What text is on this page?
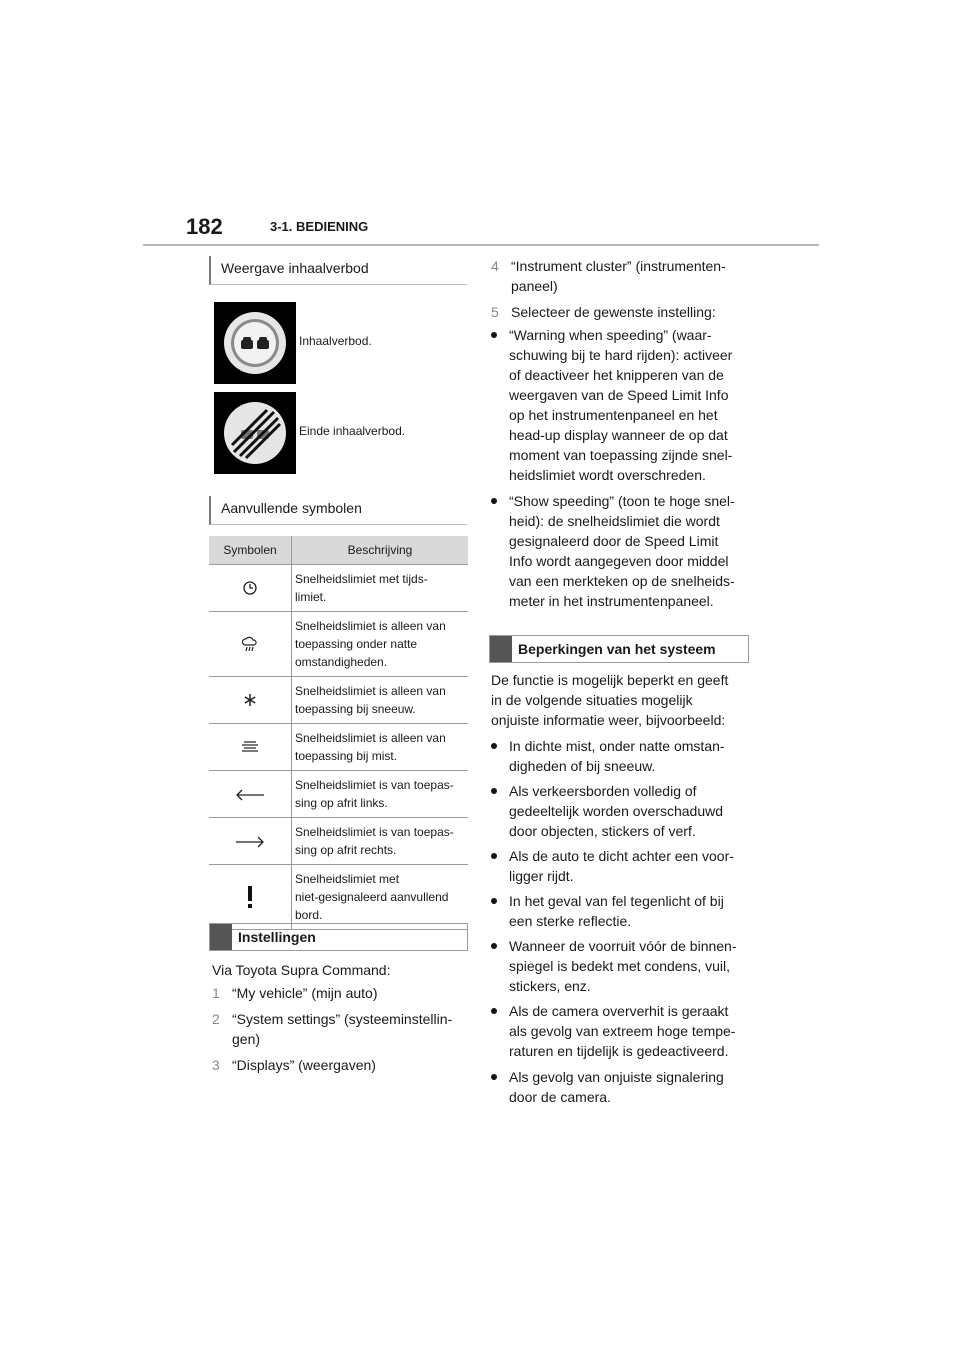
182	3-1. BEDIENING
Weergave inhaalverbod
Inhaalverbod.
Einde inhaalverbod.
Aanvullende symbolen
Symbolen	Beschrijving
	Snelheidslimiet met tijds-
limiet.
	Snelheidslimiet is alleen van
toepassing onder natte
omstandigheden.
	Snelheidslimiet is alleen van
toepassing bij sneeuw.
	Snelheidslimiet is alleen van
toepassing bij mist.
	Snelheidslimiet is van toepas-
sing op afrit links.
	Snelheidslimiet is van toepas-
sing op afrit rechts.
	Snelheidslimiet met
niet-gesignaleerd aanvullend
bord.
Instellingen
Via Toyota Supra Command:
1 “My vehicle” (mijn auto)
2 “System settings” (systeeminstellin-
gen)
3 “Displays” (weergaven)
4 “Instrument cluster” (instrumenten-
paneel)
5 Selecteer de gewenste instelling:
“Warning when speeding” (waar-
schuwing bij te hard rijden): activeer
of deactiveer het knipperen van de
weergaven van de Speed Limit Info
op het instrumentenpaneel en het
head-up display wanneer de op dat
moment van toepassing zijnde snel-
heidslimiet wordt overschreden.
“Show speeding” (toon te hoge snel-
heid): de snelheidslimiet die wordt
gesignaleerd door de Speed Limit
Info wordt aangegeven door middel
van een merkteken op de snelheids-
meter in het instrumentenpaneel.
Beperkingen van het systeem
De functie is mogelijk beperkt en geeft
in de volgende situaties mogelijk
onjuiste informatie weer, bijvoorbeeld:
In dichte mist, onder natte omstan-
digheden of bij sneeuw.
Als verkeersborden volledig of
gedeeltelijk worden overschaduwd
door objecten, stickers of verf.
Als de auto te dicht achter een voor-
ligger rijdt.
In het geval van fel tegenlicht of bij
een sterke reflectie.
Wanneer de voorruit vóór de binnen-
spiegel is bedekt met condens, vuil,
stickers, enz.
Als de camera oververhit is geraakt
als gevolg van extreem hoge tempe-
raturen en tijdelijk is gedeactiveerd.
Als gevolg van onjuiste signalering
door de camera.
